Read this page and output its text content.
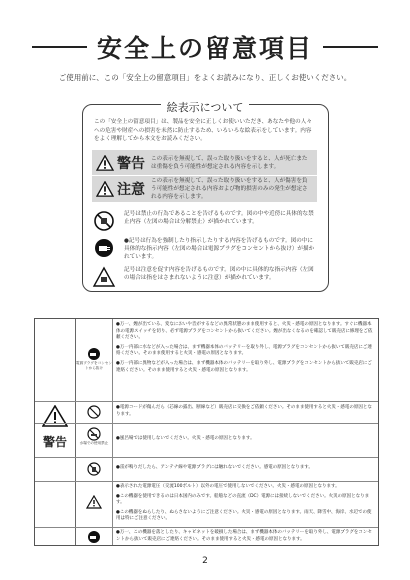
安全上の留意項目
ご使用前に、この「安全上の留意項目」をよくお読みになり、正しくお使いください。
絵表示について
この「安全上の留意項目」は、製品を安全に正しくお使いいただき、あなたや他の人々への危害や財産への損害を未然に防止するため、いろいろな絵表示をしています。内容をよく理解してから本文をお読みください。
警告	この表示を無視して、誤った取り扱いをすると、人が死亡または重傷を負う可能性が想定される内容を示します。
注意
この表示を無視して、誤った取り扱いをすると、人が傷害を負う可能性が想定される内容および物的損害のみの発生が想定される内容を示します。
記号は禁止の行為であることを告げるものです。図の中や近傍に具体的な禁止内容（左図の場合は分解禁止）が描かれています。
●記号は行為を強制したり指示したりする内容を告げるものです。図の中に具体的な指示内容（左図の場合は電源プラグをコンセントから抜け）が描かれています。
記号は注意を促す内容を告げるものです。図の中に具体的な指示内容（左図の場合は指をはさまれないように注意）が描かれています。
警告
電源プラグをコンセントから抜け

●万一、煙が出ている、変なにおいや音がするなどの異常状態のまま使用すると、火災・感電の原因となります。すぐに機器本体の電源スイッチを切り、必ず電源プラグをコンセントから抜いてください。煙が出なくなるのを確認して販売店に修理をご依頼ください。

●万一内部に水などが入った場合は、まず機器本体のバッテリーを取り外し、電源プラグをコンセントから抜いて販売店にご連絡ください。そのまま使用すると火災・感電の原因となります。

●万一内部に異物などが入った場合は、まず機器本体のバッテリーを取り外し、電源プラグをコンセントから抜いて販売店にご連絡ください。そのまま使用すると火災・感電の原因となります。

●電源コードが傷んだら（芯線の露出、断線など）販売店に交換をご依頼ください。そのまま使用すると火災・感電の原因となります。

水場での使用禁止

●風呂場では使用しないでください。火災・感電の原因となります。

●雷が鳴りだしたら、アンテナ線や電源プラグには触れないでください。感電の原因となります。

●表示された電源電圧（交流100ボルト）以外の電圧で使用しないでください。火災・感電の原因となります。

●この機器を使用できるのは日本国内のみです。船舶などの直流（DC）電源には接続しないでください。火災の原因となります。

●この機器をぬらしたり、ぬらさないようにご注意ください。火災・感電の原因となります。雨天、降雪中、海岸、水辺での使用は特にご注意ください。

●万一、この機器を落としたり、キャビネットを破損した場合は、まず機器本体のバッテリーを取り外し、電源プラグをコンセントから抜いて販売店にご連絡ください。そのまま使用すると火災・感電の原因となります。

2
